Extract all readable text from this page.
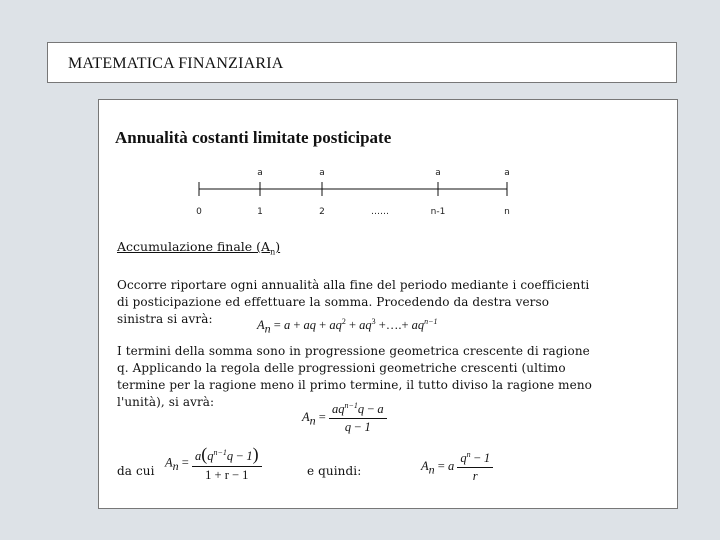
MATEMATICA FINANZIARIA
Annualità costanti limitate posticipate
a	a	a	a
0	1	2	……	n-1	n
Accumulazione finale $(A_n)$
Occorre riportare ogni annualità alla fine del periodo mediante i coefficienti di posticipazione ed effettuare la somma. Procedendo da destra verso sinistra si avrà:	$A_n = a$ + aq + $aq^2 + aq^3$ +….+ $aq^{n-1}$
I termini della somma sono in progressione geometrica crescente di ragione q. Applicando la regola delle progressioni geometriche crescenti (ultimo termine per la ragione meno il primo termine, il tutto diviso la ragione meno l'unità), si avrà:
$A_n = \frac{aq^{n-1}q - a}{q - 1}$
da cui
$A_n = \frac{a(q^{n-1}q - 1)}{1 + r - 1}$	e quindi:	$A_n = a \frac{q^n - 1}{r}$
